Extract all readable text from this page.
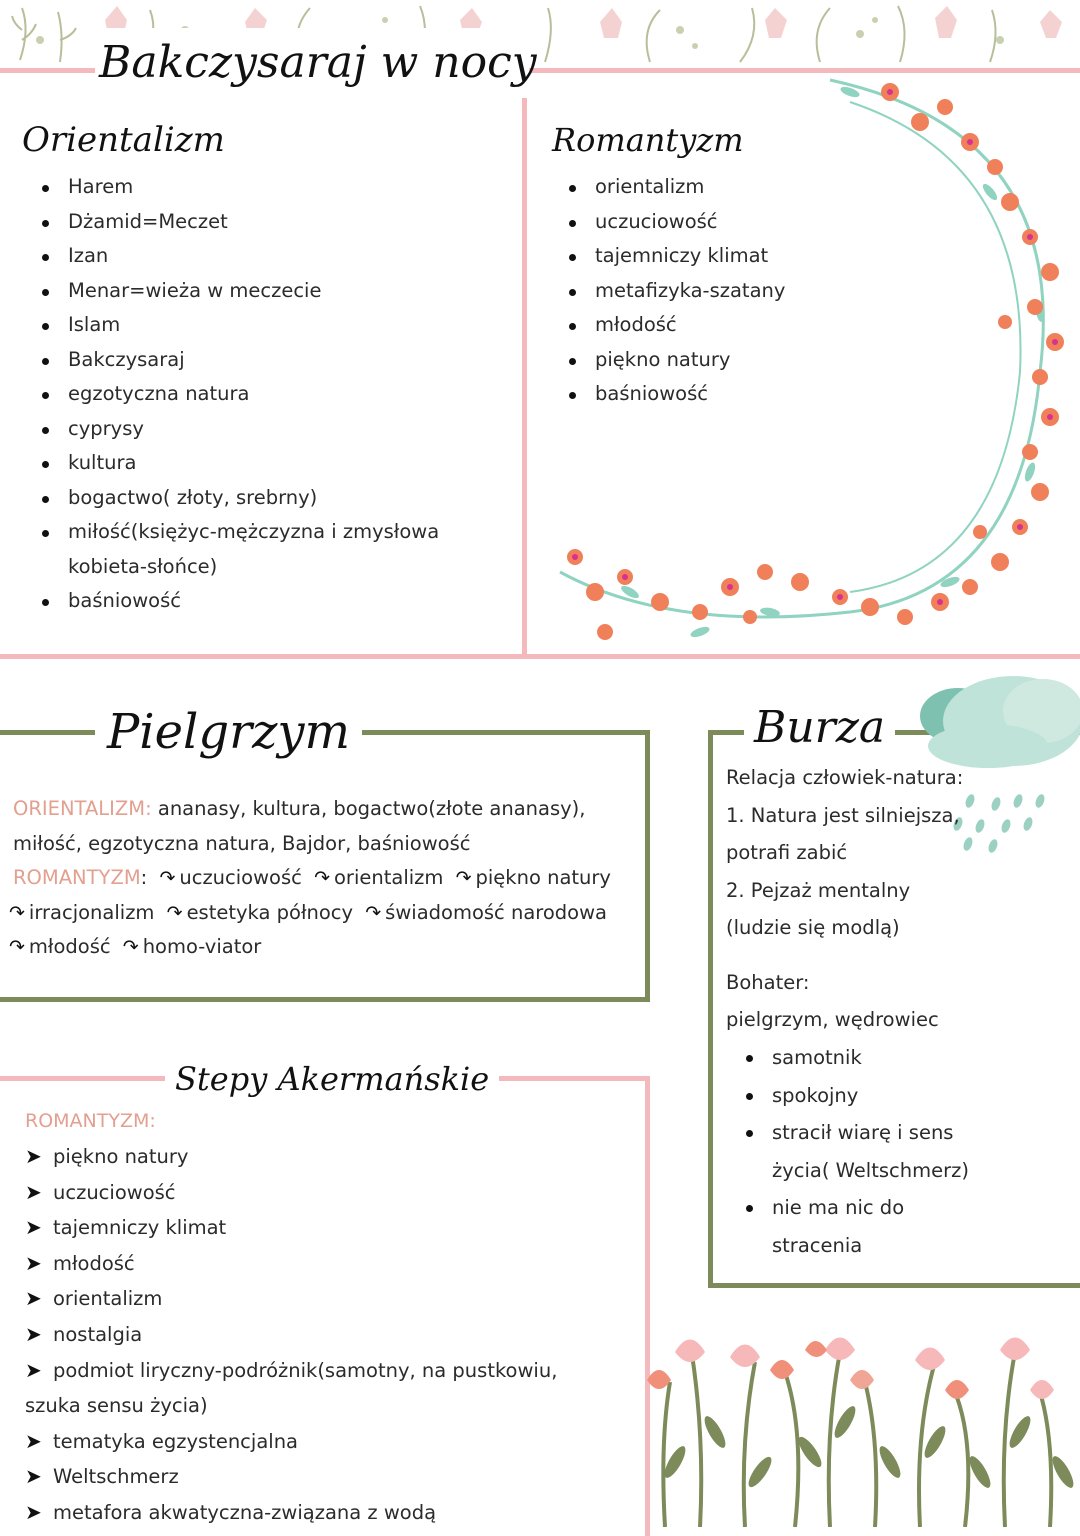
Bakczysaraj w nocy
Orientalizm
Harem
Dżamid=Meczet
Izan
Menar=wieża w meczecie
Islam
Bakczysaraj
egzotyczna natura
cyprysy
kultura
bogactwo( złoty, srebrny)
miłość(księżyc-mężczyzna i zmysłowa kobieta-słońce)
baśniowość
Romantyzm
orientalizm
uczuciowość
tajemniczy klimat
metafizyka-szatany
młodość
piękno natury
baśniowość
Pielgrzym
ORIENTALIZM: ananasy, kultura, bogactwo(złote ananasy),
miłość, egzotyczna natura, Bajdor, baśniowość
ROMANTYZM: ↷ uczuciowość ↷ orientalizm ↷ piękno natury
↷ irracjonalizm ↷ estetyka północy ↷ świadomość narodowa
↷ młodość ↷ homo-viator
Burza
Relacja człowiek-natura:
1. Natura jest silniejsza,
potrafi zabić
2. Pejzaż mentalny
(ludzie się modlą)
Bohater:
pielgrzym, wędrowiec
samotnik
spokojny
stracił wiarę i sens życia( Weltschmerz)
nie ma nic do stracenia
Stepy Akermańskie
ROMANTYZM:
➤ piękno natury
➤ uczuciowość
➤ tajemniczy klimat
➤ młodość
➤ orientalizm
➤ nostalgia
➤ podmiot liryczny-podróżnik(samotny, na pustkowiu, szuka sensu życia)
➤ tematyka egzystencjalna
➤ Weltschmerz
➤ metafora akwatyczna-związana z wodą
